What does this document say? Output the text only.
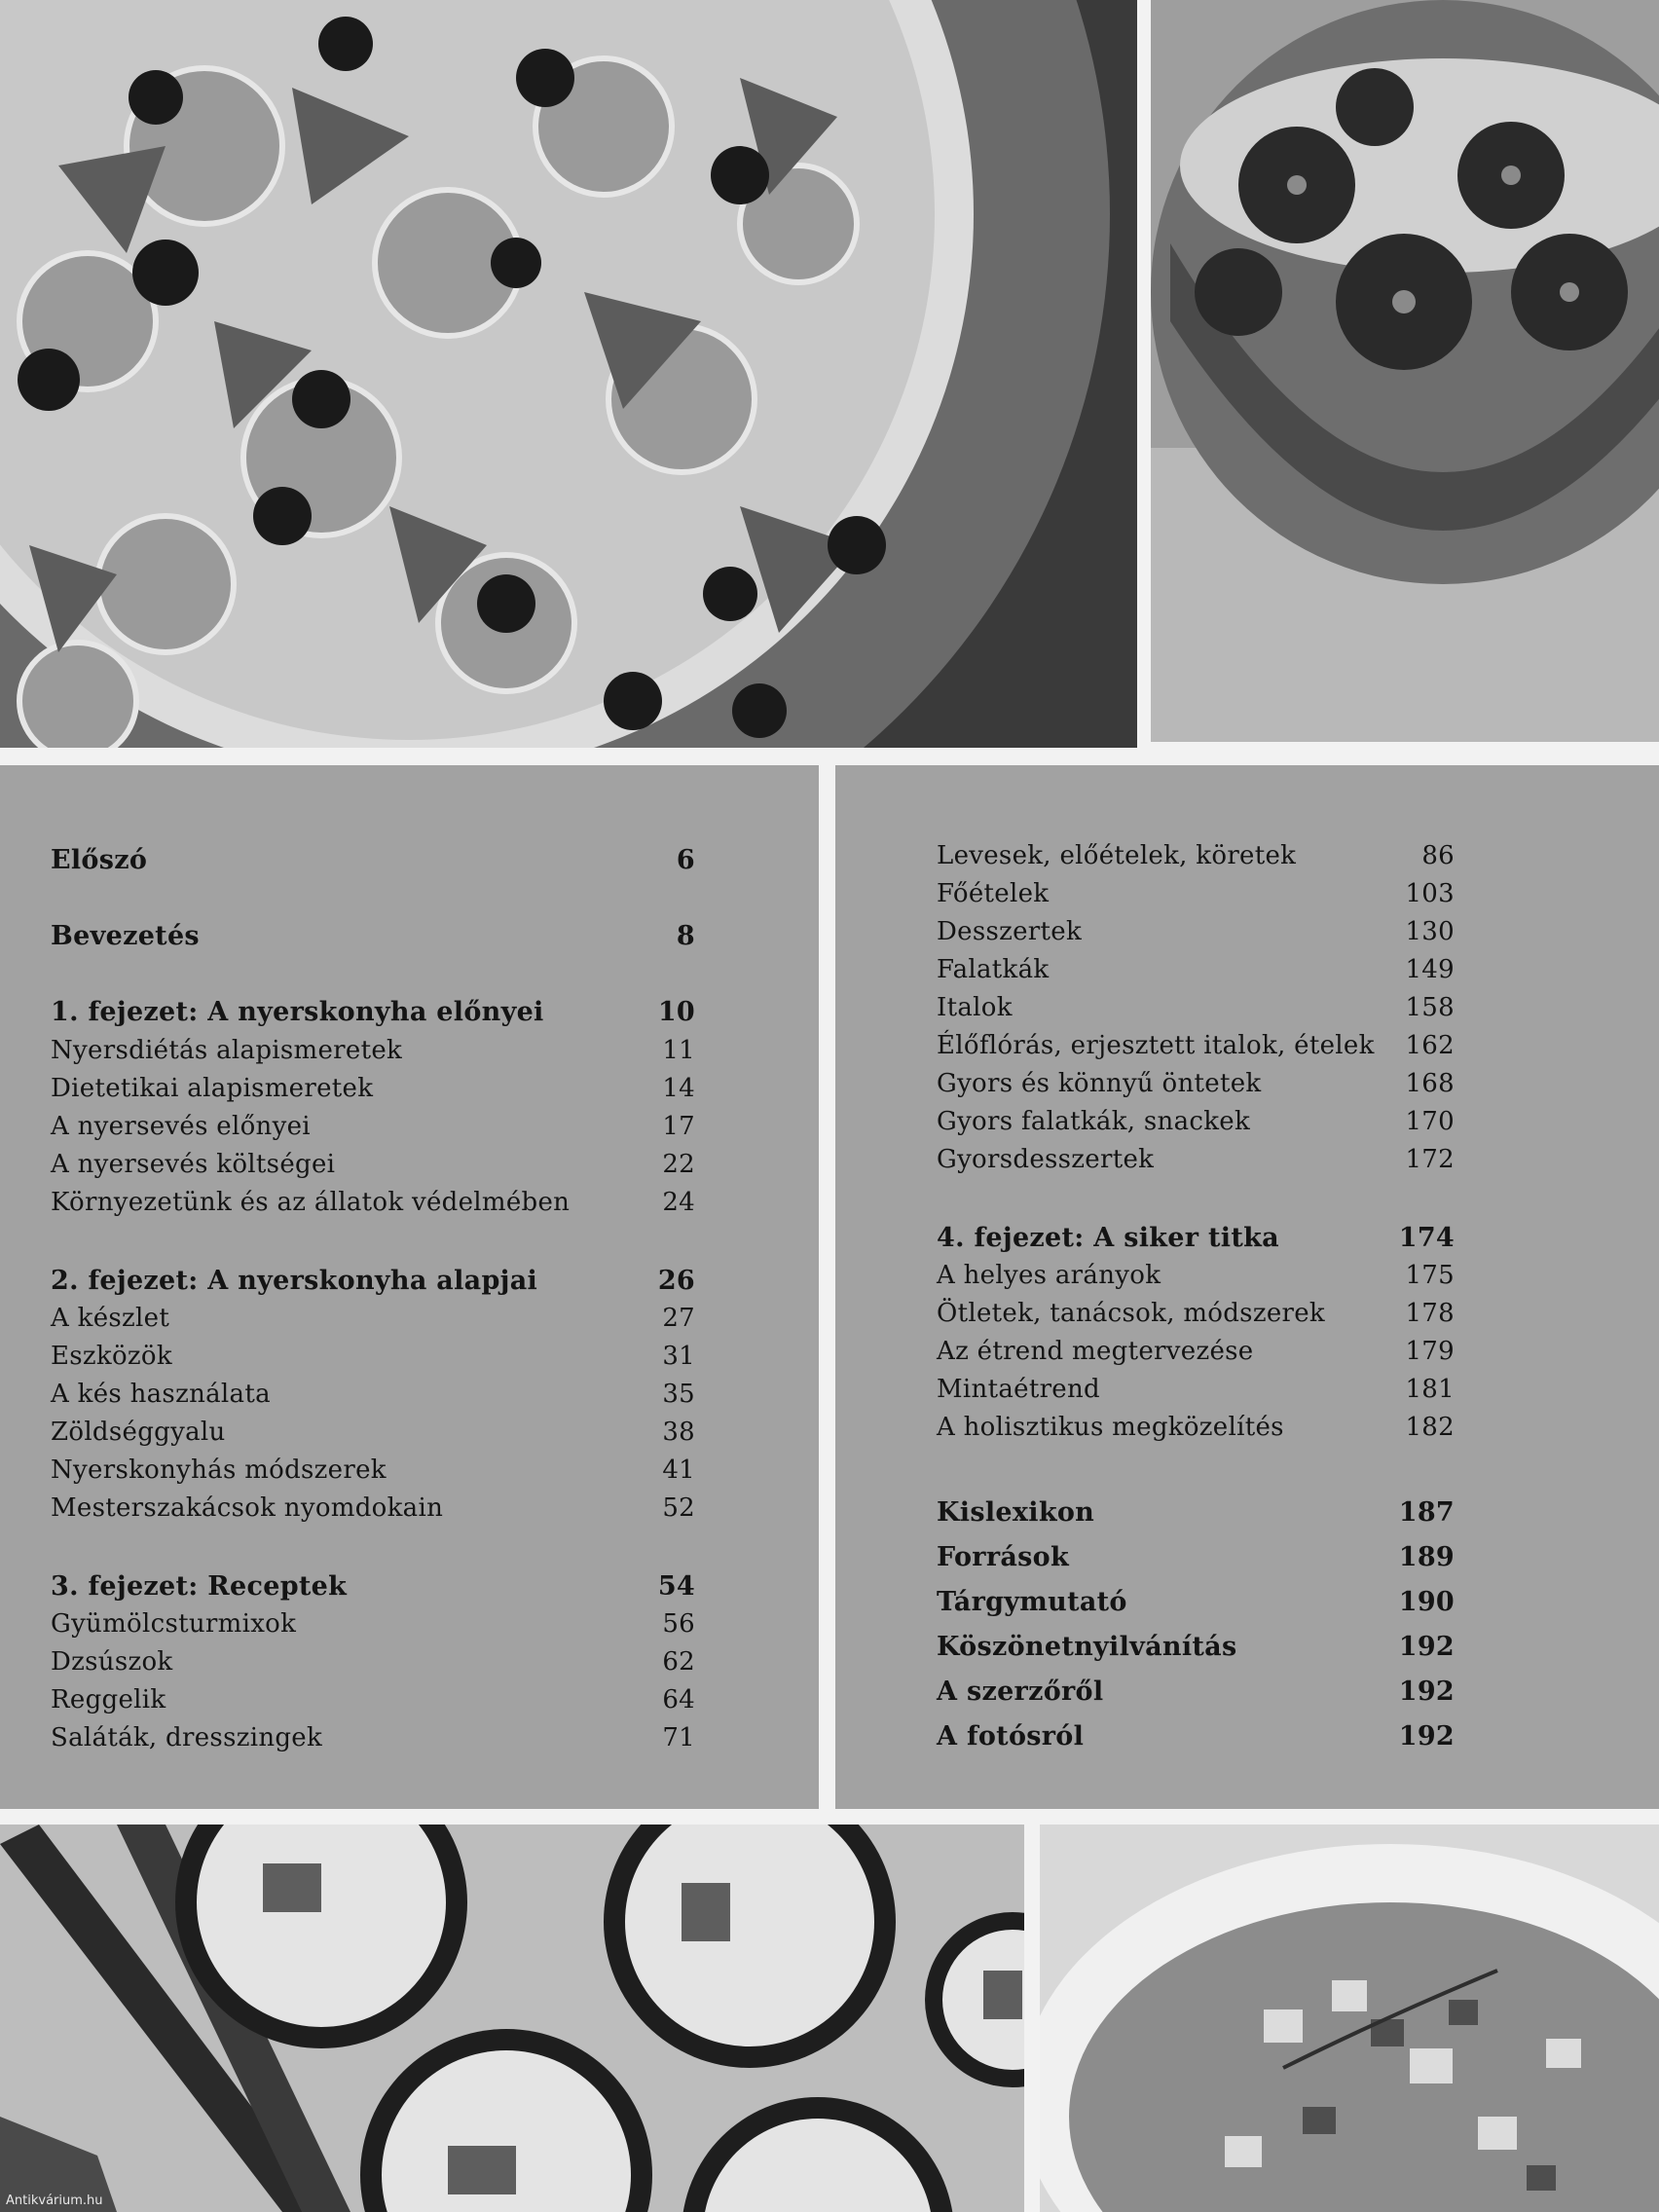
Előszó	6
Bevezetés	8
1. fejezet: A nyerskonyha előnyei	10
Nyersdiétás alapismeretek	11
Dietetikai alapismeretek	14
A nyersevés előnyei	17
A nyersevés költségei	22
Környezetünk és az állatok védelmében	24
2. fejezet: A nyerskonyha alapjai	26
A készlet	27
Eszközök	31
A kés használata	35
Zöldséggyalu	38
Nyerskonyhás módszerek	41
Mesterszakácsok nyomdokain	52
3. fejezet: Receptek	54
Gyümölcsturmixok	56
Dzsúszok	62
Reggelik	64
Saláták, dresszingek	71
Levesek, előételek, köretek	86
Főételek	103
Desszertek	130
Falatkák	149
Italok	158
Élőflórás, erjesztett italok, ételek 162
Gyors és könnyű öntetek	168
Gyors falatkák, snackek	170
Gyorsdesszertek	172
4. fejezet: A siker titka	174
A helyes arányok	175
Ötletek, tanácsok, módszerek	178
Az étrend megtervezése	179
Mintaétrend	181
A holisztikus megközelítés	182
Kislexikon	187
Források	189
Tárgymutató	190
Köszönetnyilvánítás	192
A szerzőről	192
A fotósról	192
Antikvárium.hu
